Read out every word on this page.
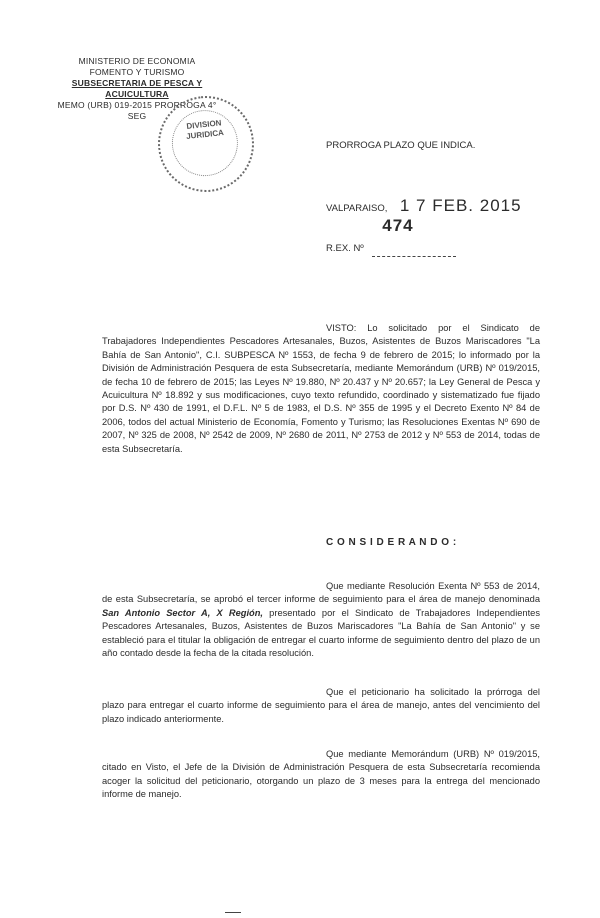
MINISTERIO DE ECONOMIA
FOMENTO Y TURISMO
SUBSECRETARIA DE PESCA Y ACUICULTURA
MEMO (URB) 019-2015 PRORROGA 4° SEG
DIVISION
JURIDICA
PRORROGA PLAZO QUE INDICA.
VALPARAISO, 1 7 FEB. 2015
R.EX. Nº
474

VISTO: Lo solicitado por el Sindicato de Trabajadores Independientes Pescadores Artesanales, Buzos, Asistentes de Buzos Mariscadores "La Bahía de San Antonio", C.I. SUBPESCA Nº 1553, de fecha 9 de febrero de 2015; lo informado por la División de Administración Pesquera de esta Subsecretaría, mediante Memorándum (URB) Nº 019/2015, de fecha 10 de febrero de 2015; las Leyes Nº 19.880, Nº 20.437 y Nº 20.657; la Ley General de Pesca y Acuicultura Nº 18.892 y sus modificaciones, cuyo texto refundido, coordinado y sistematizado fue fijado por D.S. Nº 430 de 1991, el D.F.L. Nº 5 de 1983, el D.S. Nº 355 de 1995 y el Decreto Exento Nº 84 de 2006, todos del actual Ministerio de Economía, Fomento y Turismo; las Resoluciones Exentas Nº 690 de 2007, Nº 325 de 2008, Nº 2542 de 2009, Nº 2680 de 2011, Nº 2753 de 2012 y Nº 553 de 2014, todas de esta Subsecretaría.
C O N S I D E R A N D O :
Que mediante Resolución Exenta Nº 553 de 2014, de esta Subsecretaría, se aprobó el tercer informe de seguimiento para el área de manejo denominada San Antonio Sector A, X Región, presentado por el Sindicato de Trabajadores Independientes Pescadores Artesanales, Buzos, Asistentes de Buzos Mariscadores "La Bahía de San Antonio" y se estableció para el titular la obligación de entregar el cuarto informe de seguimiento dentro del plazo de un año contado desde la fecha de la citada resolución.
Que el peticionario ha solicitado la prórroga del plazo para entregar el cuarto informe de seguimiento para el área de manejo, antes del vencimiento del plazo indicado anteriormente.
Que mediante Memorándum (URB) Nº 019/2015, citado en Visto, el Jefe de la División de Administración Pesquera de esta Subsecretaría recomienda acoger la solicitud del peticionario, otorgando un plazo de 3 meses para la entrega del mencionado informe de manejo.
